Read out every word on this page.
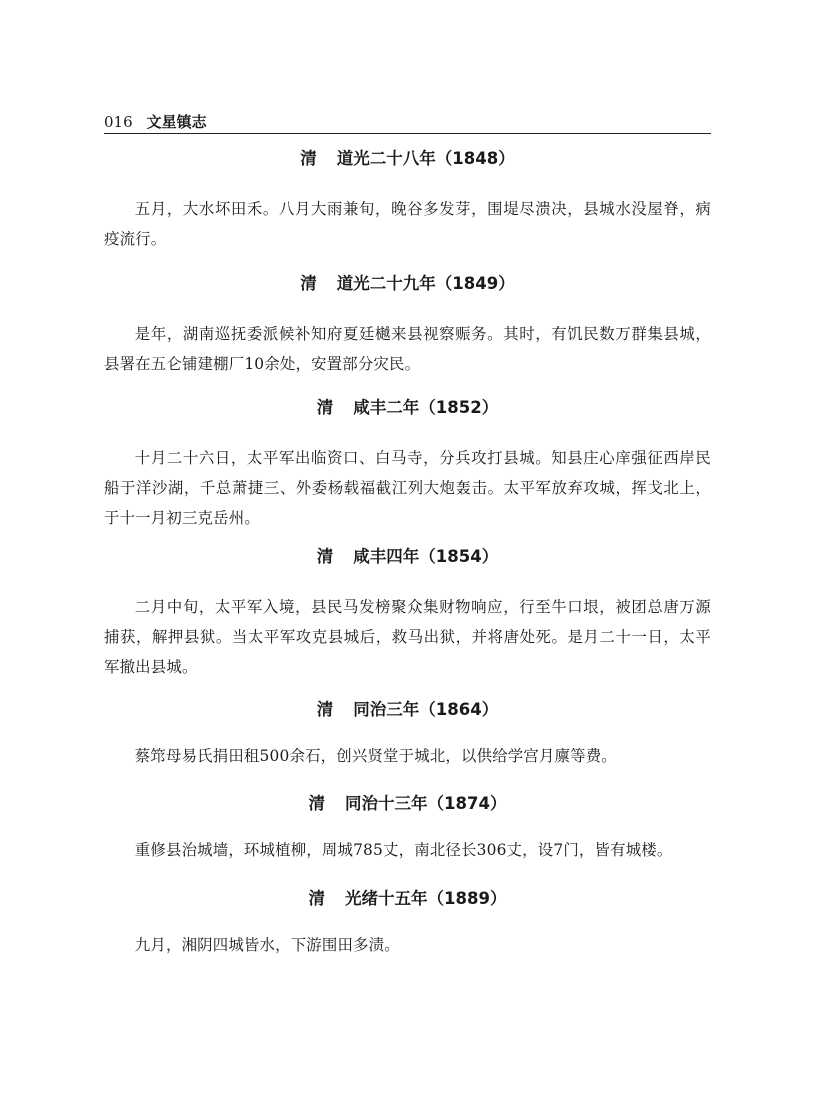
016 文星镇志
清 道光二十八年（1848）

五月，大水坏田禾。八月大雨兼旬，晚谷多发芽，围堤尽溃决，县城水没屋脊，病疫流行。

清 道光二十九年（1849）

是年，湖南巡抚委派候补知府夏廷樾来县视察赈务。其时，有饥民数万群集县城，县署在五仑铺建棚厂10余处，安置部分灾民。

清 咸丰二年（1852）

十月二十六日，太平军出临资口、白马寺，分兵攻打县城。知县庄心庠强征西岸民船于洋沙湖，千总萧捷三、外委杨载福截江列大炮轰击。太平军放弃攻城，挥戈北上，于十一月初三克岳州。

清 咸丰四年（1854）

二月中旬，太平军入境，县民马发榜聚众集财物响应，行至牛口垠，被团总唐万源捕获，解押县狱。当太平军攻克县城后，救马出狱，并将唐处死。是月二十一日，太平军撤出县城。

清 同治三年（1864）

蔡筇母易氏捐田租500余石，创兴贤堂于城北，以供给学宫月廪等费。

清 同治十三年（1874）

重修县治城墙，环城植柳，周城785丈，南北径长306丈，设7门，皆有城楼。

清 光绪十五年（1889）

九月，湘阴四城皆水，下游围田多渍。
